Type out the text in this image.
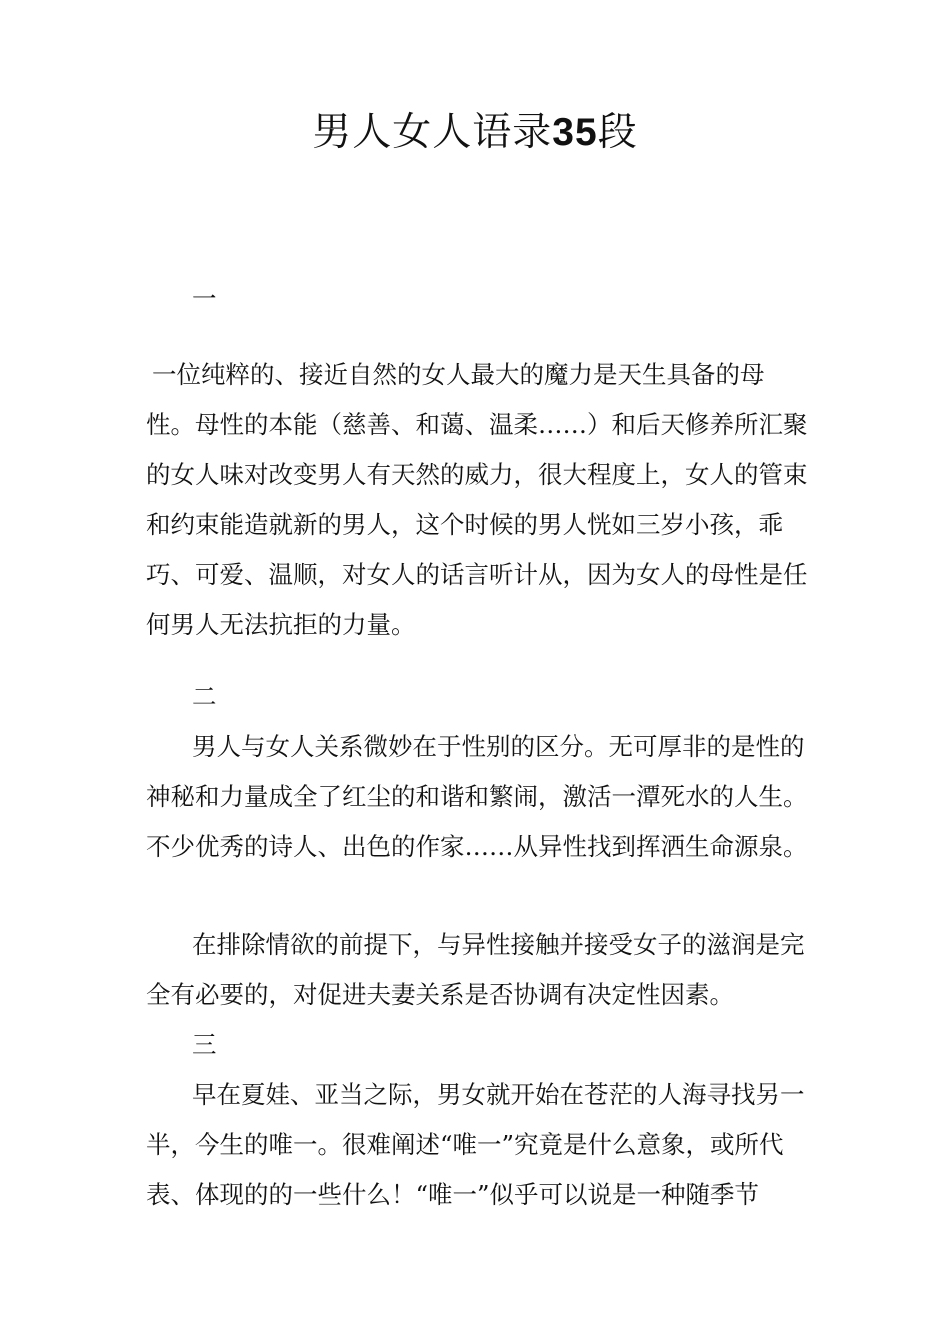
男人女人语录35段
一
一位纯粹的、接近自然的女人最大的魔力是天生具备的母性。母性的本能（慈善、和蔼、温柔……）和后天修养所汇聚的女人味对改变男人有天然的威力，很大程度上，女人的管束和约束能造就新的男人，这个时候的男人恍如三岁小孩，乖巧、可爱、温顺，对女人的话言听计从，因为女人的母性是任何男人无法抗拒的力量。
二
男人与女人关系微妙在于性别的区分。无可厚非的是性的神秘和力量成全了红尘的和谐和繁闹，激活一潭死水的人生。不少优秀的诗人、出色的作家……从异性找到挥洒生命源泉。
在排除情欲的前提下，与异性接触并接受女子的滋润是完全有必要的，对促进夫妻关系是否协调有决定性因素。
三
早在夏娃、亚当之际，男女就开始在苍茫的人海寻找另一半，今生的唯一。很难阐述“唯一”究竟是什么意象，或所代表、体现的的一些什么！“唯一”似乎可以说是一种随季节
